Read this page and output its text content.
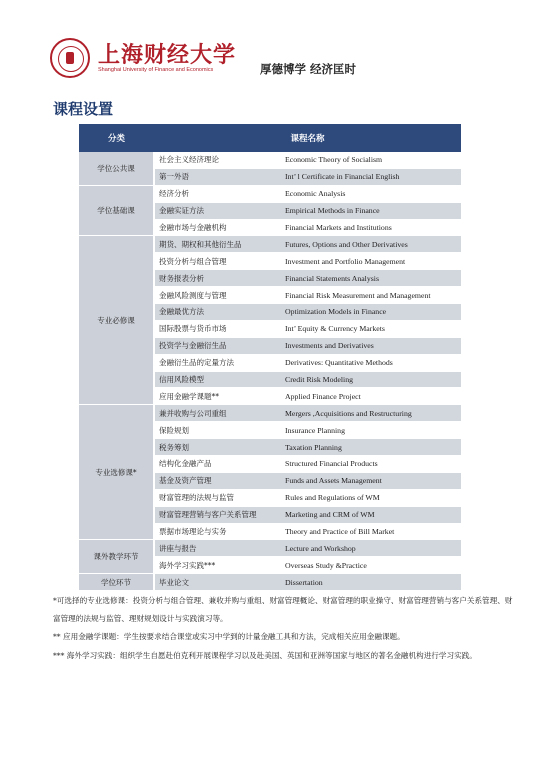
上海财经大学
Shanghai University of Finance and Economics	厚德博学 经济匡时
课程设置
分类	课程名称	
学位公共课	社会主义经济理论	Economic Theory of Socialism
	第一外语	Int’ l Certificate in Financial English
学位基础课	经济分析	Economic Analysis
	金融实证方法	Empirical Methods in Finance
	金融市场与金融机构	Financial Markets and Institutions
专业必修课	期货、期权和其他衍生品	Futures, Options and Other Derivatives
	投资分析与组合管理	Investment and Portfolio Management
	财务报表分析	Financial Statements Analysis
	金融风险测度与管理	Financial Risk Measurement and Management
	金融最优方法	Optimization Models in Finance
	国际股票与货币市场	Int’ Equity & Currency Markets
	投资学与金融衍生品	Investments and Derivatives
	金融衍生品的定量方法	Derivatives: Quantitative Methods
	信用风险模型	Credit Risk Modeling
	应用金融学课题**	Applied Finance Project
专业选修课*	兼并收购与公司重组	Mergers ,Acquisitions and Restructuring
	保险规划	Insurance Planning
	税务筹划	Taxation Planning
	结构化金融产品	Structured Financial Products
	基金及资产管理	Funds and Assets Management
	财富管理的法规与监管	Rules and Regulations of WM
	财富管理营销与客户关系管理	Marketing and CRM of WM
	票据市场理论与实务	Theory and Practice of Bill Market
课外教学环节	讲座与报告	Lecture and Workshop
	海外学习实践***	Overseas Study &Practice
学位环节	毕业论文	Dissertation

*可选择的专业选修课：投资分析与组合管理、兼收并购与重组、财富管理概论、财富管理的职业操守、财富管理营销与客户关系管理、财富管理的法规与监管、理财规划设计与实践演习等。

** 应用金融学课题：学生按要求结合课堂或实习中学到的计量金融工具和方法，完成相关应用金融课题。

*** 海外学习实践：组织学生自愿赴伯克利开展课程学习以及赴美国、英国和亚洲等国家与地区的著名金融机构进行学习实践。
